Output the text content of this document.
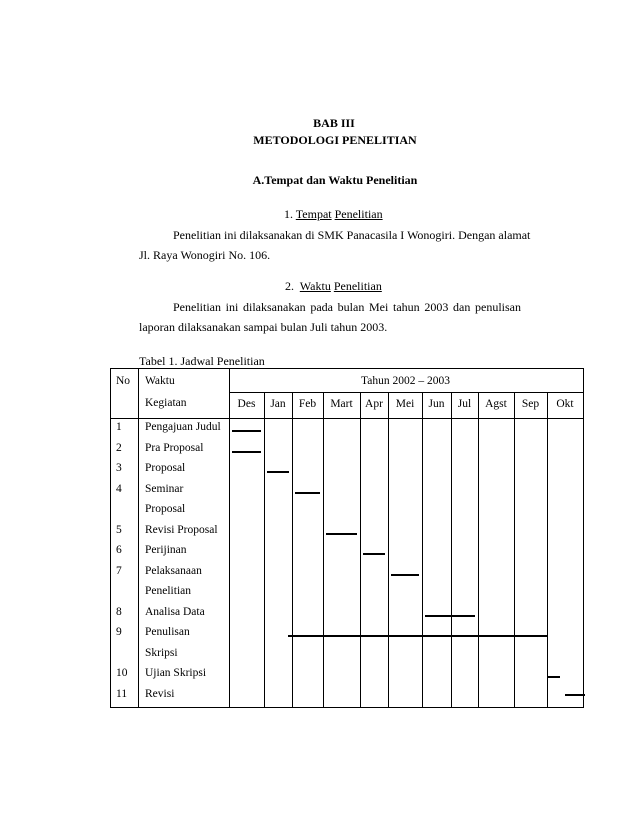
BAB III
METODOLOGI PENELITIAN
A.Tempat dan Waktu Penelitian
1. Tempat Penelitian
Penelitian ini dilaksanakan di SMK Panacasila I Wonogiri. Dengan alamat
Jl. Raya Wonogiri No. 106.
2. Waktu Penelitian
Penelitian ini dilaksanakan pada bulan Mei tahun 2003 dan penulisan
laporan dilaksanakan sampai bulan Juli tahun 2003.
Tabel 1. Jadwal Penelitian
No Waktu
Kegiatan
Tahun 2002 – 2003
Des	Jan	Feb	Mart	Apr	Mei	Jun	Jul	Agst	Sep	Okt
1 Pengajuan Judul
2 Pra Proposal
3 Proposal
4 Seminar
Proposal
5 Revisi Proposal
6 Perijinan
7 Pelaksanaan
Penelitian
8 Analisa Data
9 Penulisan
Skripsi
10 Ujian Skripsi
11 Revisi
